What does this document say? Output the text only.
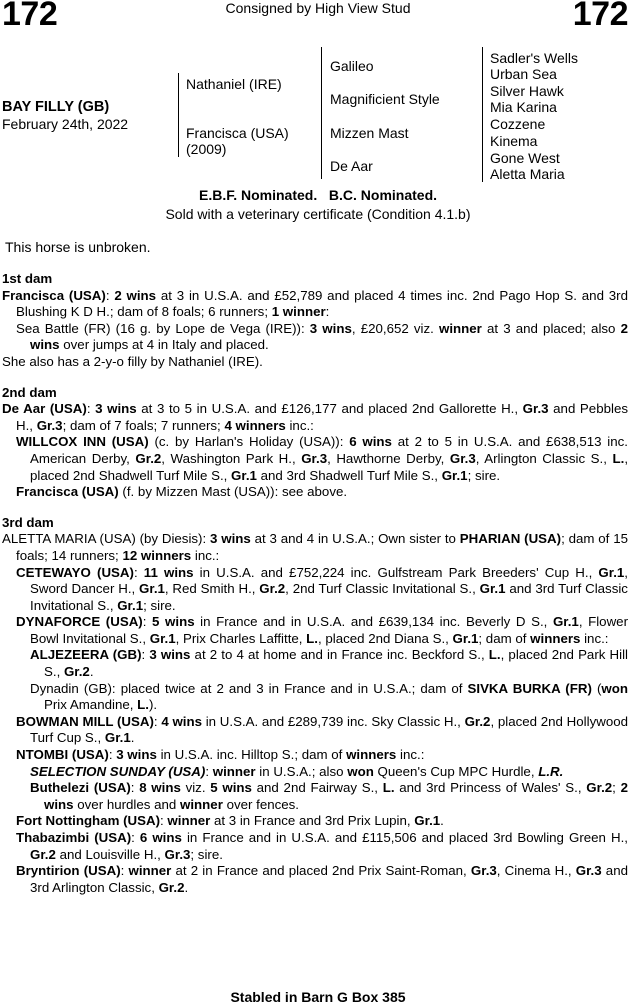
172	Consigned by High View Stud	172
BAY FILLY (GB)
February 24th, 2022
Nathaniel (IRE)
Francisca (USA)
(2009)
Galileo
Magnificient Style
Mizzen Mast
De Aar
Sadler's Wells
Urban Sea
Silver Hawk
Mia Karina
Cozzene
Kinema
Gone West
Aletta Maria
E.B.F. Nominated.   B.C. Nominated.
Sold with a veterinary certificate (Condition 4.1.b)
This horse is unbroken.
1st dam
Francisca (USA): 2 wins at 3 in U.S.A. and £52,789 and placed 4 times inc. 2nd Pago Hop S. and 3rd Blushing K D H.; dam of 8 foals; 6 runners; 1 winner:
Sea Battle (FR) (16 g. by Lope de Vega (IRE)): 3 wins, £20,652 viz. winner at 3 and placed; also 2 wins over jumps at 4 in Italy and placed.
She also has a 2-y-o filly by Nathaniel (IRE).
2nd dam
De Aar (USA): 3 wins at 3 to 5 in U.S.A. and £126,177 and placed 2nd Gallorette H., Gr.3 and Pebbles H., Gr.3; dam of 7 foals; 7 runners; 4 winners inc.:
WILLCOX INN (USA) (c. by Harlan's Holiday (USA)): 6 wins at 2 to 5 in U.S.A. and £638,513 inc. American Derby, Gr.2, Washington Park H., Gr.3, Hawthorne Derby, Gr.3, Arlington Classic S., L., placed 2nd Shadwell Turf Mile S., Gr.1 and 3rd Shadwell Turf Mile S., Gr.1; sire.
Francisca (USA) (f. by Mizzen Mast (USA)): see above.
3rd dam
ALETTA MARIA (USA) (by Diesis): 3 wins at 3 and 4 in U.S.A.; Own sister to PHARIAN (USA); dam of 15 foals; 14 runners; 12 winners inc.:
CETEWAYO (USA): 11 wins in U.S.A. and £752,224 inc. Gulfstream Park Breeders' Cup H., Gr.1, Sword Dancer H., Gr.1, Red Smith H., Gr.2, 2nd Turf Classic Invitational S., Gr.1 and 3rd Turf Classic Invitational S., Gr.1; sire.
DYNAFORCE (USA): 5 wins in France and in U.S.A. and £639,134 inc. Beverly D S., Gr.1, Flower Bowl Invitational S., Gr.1, Prix Charles Laffitte, L., placed 2nd Diana S., Gr.1; dam of winners inc.:
ALJEZEERA (GB): 3 wins at 2 to 4 at home and in France inc. Beckford S., L., placed 2nd Park Hill S., Gr.2.
Dynadin (GB): placed twice at 2 and 3 in France and in U.S.A.; dam of SIVKA BURKA (FR) (won Prix Amandine, L.).
BOWMAN MILL (USA): 4 wins in U.S.A. and £289,739 inc. Sky Classic H., Gr.2, placed 2nd Hollywood Turf Cup S., Gr.1.
NTOMBI (USA): 3 wins in U.S.A. inc. Hilltop S.; dam of winners inc.:
SELECTION SUNDAY (USA): winner in U.S.A.; also won Queen's Cup MPC Hurdle, L.R.
Buthelezi (USA): 8 wins viz. 5 wins and 2nd Fairway S., L. and 3rd Princess of Wales' S., Gr.2; 2 wins over hurdles and winner over fences.
Fort Nottingham (USA): winner at 3 in France and 3rd Prix Lupin, Gr.1.
Thabazimbi (USA): 6 wins in France and in U.S.A. and £115,506 and placed 3rd Bowling Green H., Gr.2 and Louisville H., Gr.3; sire.
Bryntirion (USA): winner at 2 in France and placed 2nd Prix Saint-Roman, Gr.3, Cinema H., Gr.3 and 3rd Arlington Classic, Gr.2.
Stabled in Barn G Box 385
